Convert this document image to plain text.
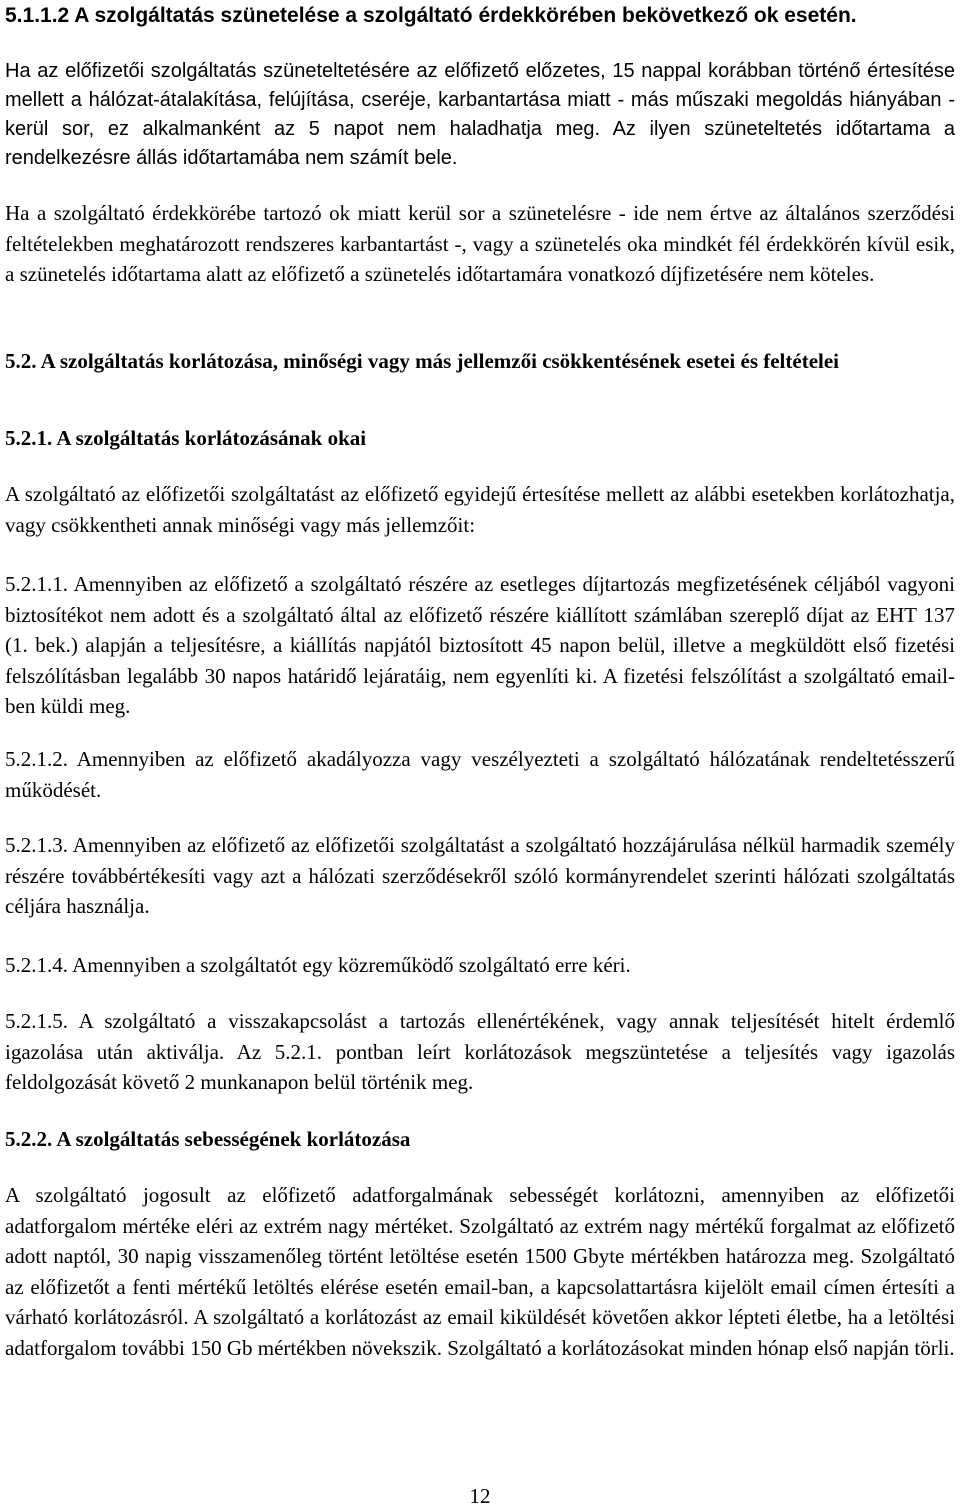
5.1.1.2 A szolgáltatás szünetelése a szolgáltató érdekkörében bekövetkező ok esetén.

Ha az előfizetői szolgáltatás szüneteltetésére az előfizető előzetes, 15 nappal korábban történő értesítése mellett a hálózat-átalakítása, felújítása, cseréje, karbantartása miatt - más műszaki megoldás hiányában - kerül sor, ez alkalmanként az 5 napot nem haladhatja meg. Az ilyen szüneteltetés időtartama a rendelkezésre állás időtartamába nem számít bele.

Ha a szolgáltató érdekkörébe tartozó ok miatt kerül sor a szünetelésre - ide nem értve az általános szerződési feltételekben meghatározott rendszeres karbantartást -, vagy a szünetelés oka mindkét fél érdekkörén kívül esik, a szünetelés időtartama alatt az előfizető a szünetelés időtartamára vonatkozó díjfizetésére nem köteles.

5.2. A szolgáltatás korlátozása, minőségi vagy más jellemzői csökkentésének esetei és feltételei

5.2.1. A szolgáltatás korlátozásának okai

A szolgáltató az előfizetői szolgáltatást az előfizető egyidejű értesítése mellett az alábbi esetekben korlátozhatja, vagy csökkentheti annak minőségi vagy más jellemzőit:

5.2.1.1. Amennyiben az előfizető a szolgáltató részére az esetleges díjtartozás megfizetésének céljából vagyoni biztosítékot nem adott és a szolgáltató által az előfizető részére kiállított számlában szereplő díjat az EHT 137 (1. bek.) alapján a teljesítésre, a kiállítás napjától biztosított 45 napon belül, illetve a megküldött első fizetési felszólításban legalább 30 napos határidő lejáratáig, nem egyenlíti ki. A fizetési felszólítást a szolgáltató email-ben küldi meg.

5.2.1.2. Amennyiben az előfizető akadályozza vagy veszélyezteti a szolgáltató hálózatának rendeltetésszerű működését.

5.2.1.3. Amennyiben az előfizető az előfizetői szolgáltatást a szolgáltató hozzájárulása nélkül harmadik személy részére továbbértékesíti vagy azt a hálózati szerződésekről szóló kormányrendelet szerinti hálózati szolgáltatás céljára használja.

5.2.1.4. Amennyiben a szolgáltatót egy közreműködő szolgáltató erre kéri.

5.2.1.5. A szolgáltató a visszakapcsolást a tartozás ellenértékének, vagy annak teljesítését hitelt érdemlő igazolása után aktiválja. Az 5.2.1. pontban leírt korlátozások megszüntetése a teljesítés vagy igazolás feldolgozását követő 2 munkanapon belül történik meg.

5.2.2. A szolgáltatás sebességének korlátozása

A szolgáltató jogosult az előfizető adatforgalmának sebességét korlátozni, amennyiben az előfizetői adatforgalom mértéke eléri az extrém nagy mértéket. Szolgáltató az extrém nagy mértékű forgalmat az előfizető adott naptól, 30 napig visszamenőleg történt letöltése esetén 1500 Gbyte mértékben határozza meg. Szolgáltató az előfizetőt a fenti mértékű letöltés elérése esetén email-ban, a kapcsolattartásra kijelölt email címen értesíti a várható korlátozásról. A szolgáltató a korlátozást az email kiküldését követően akkor lépteti életbe, ha a letöltési adatforgalom további 150 Gb mértékben növekszik. Szolgáltató a korlátozásokat minden hónap első napján törli.

12
